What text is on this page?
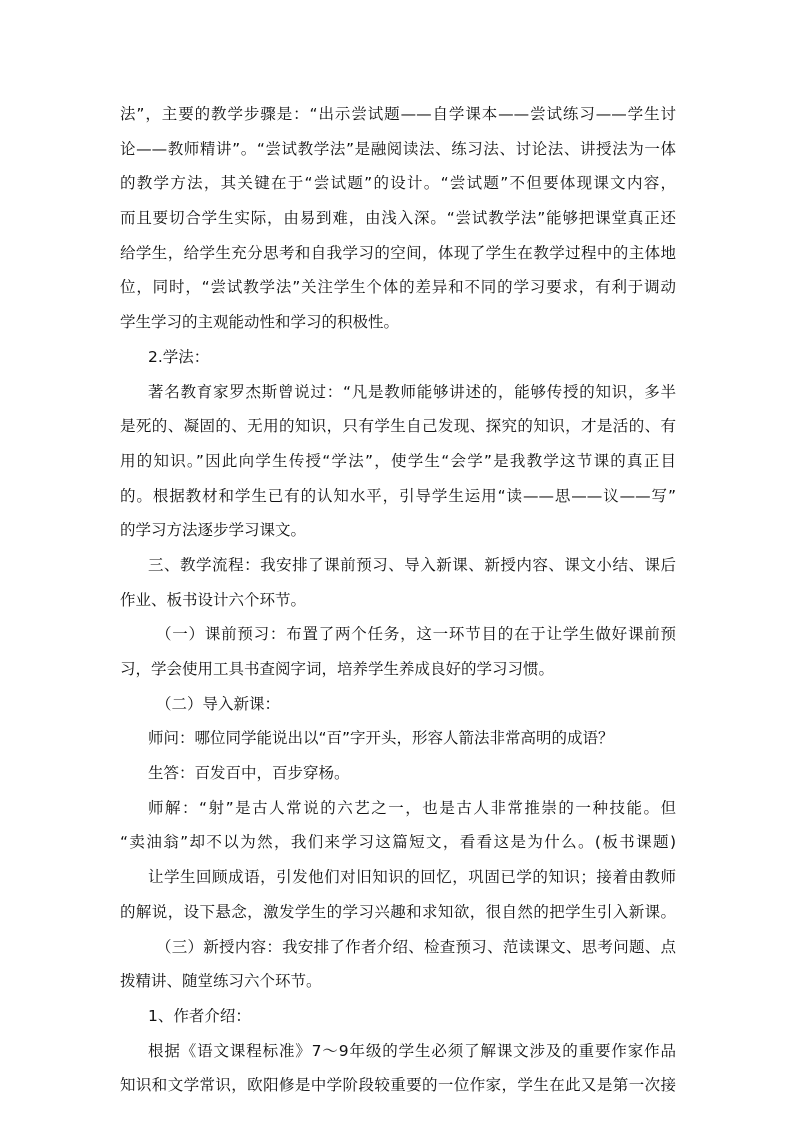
法”，主要的教学步骤是：“出示尝试题——自学课本——尝试练习——学生讨
论——教师精讲”。“尝试教学法”是融阅读法、练习法、讨论法、讲授法为一体
的教学方法，其关键在于“尝试题”的设计。“尝试题”不但要体现课文内容，
而且要切合学生实际，由易到难，由浅入深。“尝试教学法”能够把课堂真正还
给学生，给学生充分思考和自我学习的空间，体现了学生在教学过程中的主体地
位，同时，“尝试教学法”关注学生个体的差异和不同的学习要求，有利于调动
学生学习的主观能动性和学习的积极性。
2.学法：
著名教育家罗杰斯曾说过：“凡是教师能够讲述的，能够传授的知识，多半
是死的、凝固的、无用的知识，只有学生自己发现、探究的知识，才是活的、有
用的知识。”因此向学生传授“学法”，使学生“会学”是我教学这节课的真正目
的。根据教材和学生已有的认知水平，引导学生运用“读——思——议——写”
的学习方法逐步学习课文。
三、教学流程：我安排了课前预习、导入新课、新授内容、课文小结、课后
作业、板书设计六个环节。
（一）课前预习：布置了两个任务，这一环节目的在于让学生做好课前预
习，学会使用工具书查阅字词，培养学生养成良好的学习习惯。
（二）导入新课：
师问：哪位同学能说出以“百”字开头，形容人箭法非常高明的成语？
生答：百发百中，百步穿杨。
师解：“射”是古人常说的六艺之一，也是古人非常推崇的一种技能。但
“卖油翁”却不以为然，我们来学习这篇短文，看看这是为什么。(板书课题)
让学生回顾成语，引发他们对旧知识的回忆，巩固已学的知识；接着由教师
的解说，设下悬念，激发学生的学习兴趣和求知欲，很自然的把学生引入新课。
（三）新授内容：我安排了作者介绍、检查预习、范读课文、思考问题、点
拨精讲、随堂练习六个环节。
1、作者介绍：
根据《语文课程标准》7～9年级的学生必须了解课文涉及的重要作家作品
知识和文学常识，欧阳修是中学阶段较重要的一位作家，学生在此又是第一次接
